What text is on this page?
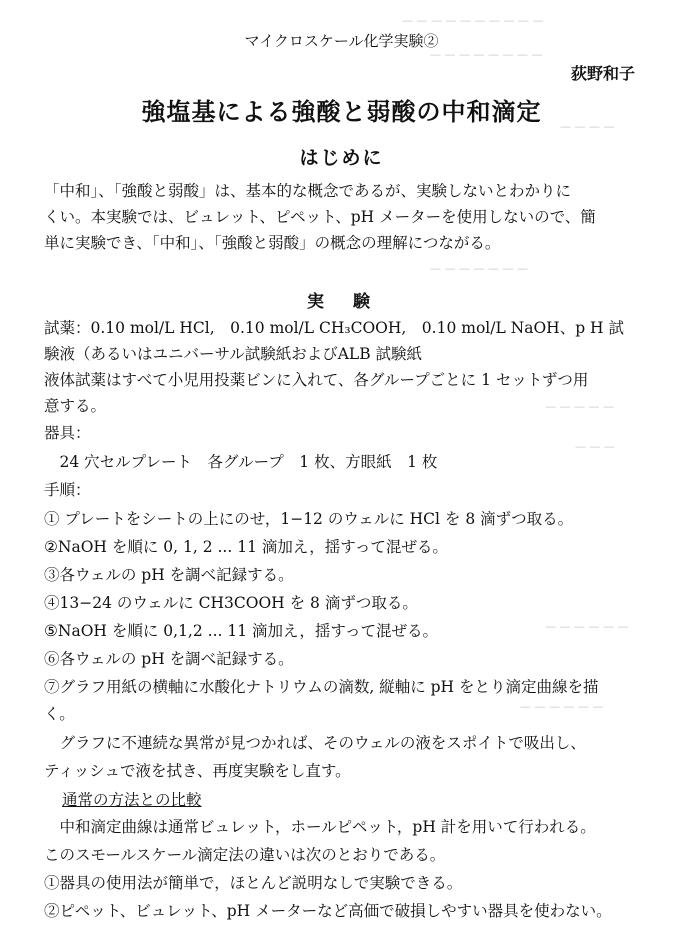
— — — — — — — — — —
— — — — — — — —
— — — —
— — — — — — —
— — — — —
— — —
— — — — — —
— — — — — —
マイクロスケール化学実験②
荻野和子
強塩基による強酸と弱酸の中和滴定
はじめに
「中和」、「強酸と弱酸」は、基本的な概念であるが、実験しないとわかりに
くい。本実験では、ビュレット、ピペット、pH メーターを使用しないので、簡
単に実験でき、「中和」、「強酸と弱酸」の概念の理解につながる。
実　験
試薬：0.10 mol/L HCl,　0.10 mol/L CH₃COOH,　0.10 mol/L NaOH、p H 試
験液（あるいはユニバーサル試験紙およびALB 試験紙
液体試薬はすべて小児用投薬ビンに入れて、各グループごとに 1 セットずつ用
意する。
器具：
　24 穴セルプレート　各グループ　1 枚、方眼紙　1 枚
手順：
① プレートをシートの上にのせ，1−12 のウェルに HCl を 8 滴ずつ取る。
②NaOH を順に 0, 1, 2 ... 11 滴加え，揺すって混ぜる。
③各ウェルの pH を調べ記録する。
④13−24 のウェルに CH3COOH を 8 滴ずつ取る。
⑤NaOH を順に 0,1,2 ... 11 滴加え，揺すって混ぜる。
⑥各ウェルの pH を調べ記録する。
⑦グラフ用紙の横軸に水酸化ナトリウムの滴数, 縦軸に pH をとり滴定曲線を描
く。
　グラフに不連続な異常が見つかれば、そのウェルの液をスポイトで吸出し、
ティッシュで液を拭き、再度実験をし直す。
通常の方法との比較
　中和滴定曲線は通常ビュレット，ホールピペット，pH 計を用いて行われる。
このスモールスケール滴定法の違いは次のとおりである。
①器具の使用法が簡単で，ほとんど説明なしで実験できる。
②ピペット、ビュレット、pH メーターなど高価で破損しやすい器具を使わない。
